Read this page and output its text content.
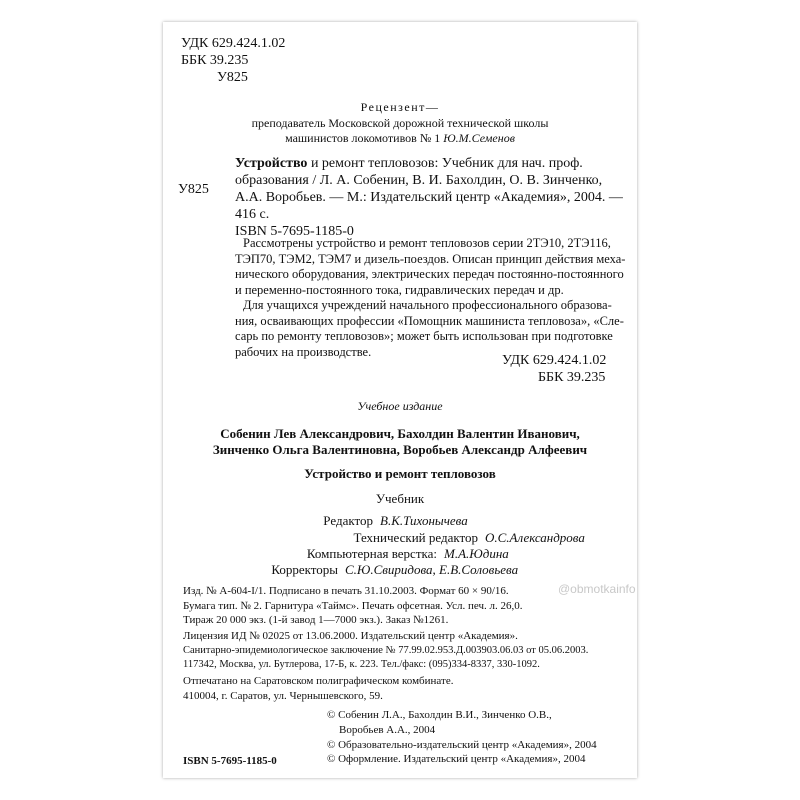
УДК 629.424.1.02
ББК 39.235
У825
Рецензент—
преподаватель Московской дорожной технической школы
машинистов локомотивов № 1 Ю.М.Семенов
У825
Устройство и ремонт тепловозов: Учебник для нач. проф.
образования / Л. А. Собенин, В. И. Бахолдин, О. В. Зинченко,
А.А. Воробьев. — М.: Издательский центр «Академия», 2004. —
416 с.
ISBN 5-7695-1185-0
Рассмотрены устройство и ремонт тепловозов серии 2ТЭ10, 2ТЭ116,
ТЭП70, ТЭМ2, ТЭМ7 и дизель-поездов. Описан принцип действия меха-
нического оборудования, электрических передач постоянно-постоянного
и переменно-постоянного тока, гидравлических передач и др.
Для учащихся учреждений начального профессионального образова-
ния, осваивающих профессии «Помощник машиниста тепловоза», «Сле-
сарь по ремонту тепловозов»; может быть использован при подготовке
рабочих на производстве.
УДК 629.424.1.02
ББК 39.235
Учебное издание
Собенин Лев Александрович, Бахолдин Валентин Иванович,
Зинченко Ольга Валентиновна, Воробьев Александр Алфеевич
Устройство и ремонт тепловозов
Учебник
Редактор В.К.Тихонычева
Технический редактор О.С.Александрова
Компьютерная верстка: М.А.Юдина
Корректоры С.Ю.Свиридова, Е.В.Соловьева
Изд. № А-604-I/1. Подписано в печать 31.10.2003. Формат 60 × 90/16.
Бумага тип. № 2. Гарнитура «Таймс». Печать офсетная. Усл. печ. л. 26,0.
Тираж 20 000 экз. (1-й завод 1—7000 экз.). Заказ №1261.
Лицензия ИД № 02025 от 13.06.2000. Издательский центр «Академия».
Санитарно-эпидемиологическое заключение № 77.99.02.953.Д.003903.06.03 от 05.06.2003.
117342, Москва, ул. Бутлерова, 17-Б, к. 223. Тел./факс: (095)334-8337, 330-1092.
Отпечатано на Саратовском полиграфическом комбинате.
410004, г. Саратов, ул. Чернышевского, 59.
ISBN 5-7695-1185-0
© Собенин Л.А., Бахолдин В.И., Зинченко О.В.,
Воробьев А.А., 2004
© Образовательно-издательский центр «Академия», 2004
© Оформление. Издательский центр «Академия», 2004
@obmotkainfo
